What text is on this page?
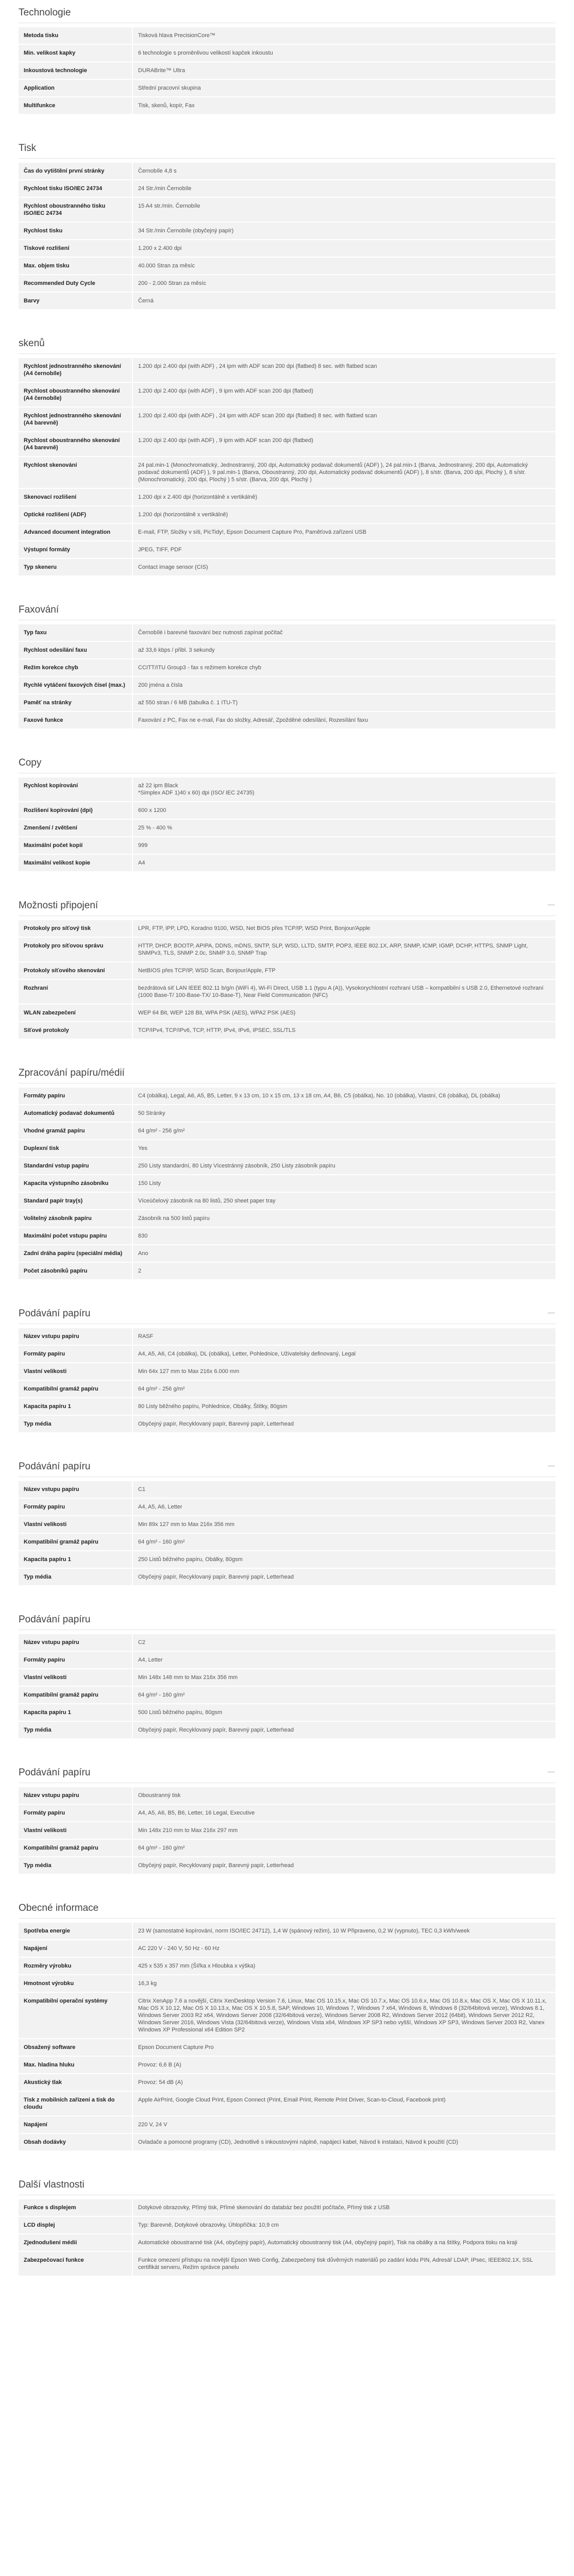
Technologie
Metoda tisku	Tisková hlava PrecisionCore™
Min. velikost kapky	6 technologie s proměnlivou velikostí kapček inkoustu
Inkoustová technologie	DURABrite™ Ultra
Application	Střední pracovní skupina
Multifunkce	Tisk, skenů, kopír, Fax
Tisk
Čas do vytištění první stránky	Černobíle 4,8 s
Rychlost tisku ISO/IEC 24734	24 Str./min Černobíle
Rychlost oboustranného tisku ISO/IEC 24734	15 A4 str./min. Černobíle
Rychlost tisku	34 Str./min Černobíle (obyčejný papír)
Tiskové rozlišení	1.200 x 2.400 dpi
Max. objem tisku	40.000 Stran za měsíc
Recommended Duty Cycle	200 - 2.000 Stran za měsíc
Barvy	Černá
skenů
Rychlost jednostranného skenování (A4 černobíle)	1.200 dpi 2.400 dpi (with ADF) , 24 ipm with ADF scan 200 dpi (flatbed) 8 sec. with flatbed scan
Rychlost oboustranného skenování (A4 černobíle)	1.200 dpi 2.400 dpi (with ADF) , 9 ipm with ADF scan 200 dpi (flatbed)
Rychlost jednostranného skenování (A4 barevně)	1.200 dpi 2.400 dpi (with ADF) , 24 ipm with ADF scan 200 dpi (flatbed) 8 sec. with flatbed scan
Rychlost oboustranného skenování (A4 barevně)	1.200 dpi 2.400 dpi (with ADF) , 9 ipm with ADF scan 200 dpi (flatbed)
Rychlost skenování	24 pal.min-1 (Monochromatický, Jednostranný, 200 dpi, Automatický podavač dokumentů (ADF) ), 24 pal.min-1 (Barva, Jednostranný, 200 dpi, Automatický podavač dokumentů (ADF) ), 9 pal.min-1 (Barva, Oboustranný, 200 dpi, Automatický podavač dokumentů (ADF) ), 8 s/str. (Barva, 200 dpi, Plochý ), 8 s/str. (Monochromatický, 200 dpi, Plochý ) 5 s/str. (Barva, 200 dpi, Plochý )
Skenovací rozlišení	1.200 dpi x 2.400 dpi (horizontálně x vertikálně)
Optické rozlišení (ADF)	1.200 dpi (horizontálně x vertikálně)
Advanced document integration	E-mail, FTP, Složky v síti, PicTidy!, Epson Document Capture Pro, Paměťová zařízení USB
Výstupní formáty	JPEG, TIFF, PDF
Typ skeneru	Contact image sensor (CIS)
Faxování
Typ faxu	Černobílé i barevné faxování bez nutnosti zapínat počítač
Rychlost odesílání faxu	až 33,6 kbps / přibl. 3 sekundy
Režim korekce chyb	CCITT/ITU Group3 - fax s režimem korekce chyb
Rychlé vytáčení faxových čísel (max.)	200 jména a čísla
Paměť na stránky	až 550 stran / 6 MB (tabulka č. 1 ITU-T)
Faxové funkce	Faxování z PC, Fax ne e-mail, Fax do složky, Adresář, Zpožděné odesílání, Rozesílání faxu
Copy
Rychlost kopírování	až 22 ipm Black
*Simplex ADF 1)40 x 60) dpi (ISO/ IEC 24735)
Rozlišení kopírování (dpi)	600 x 1200
Zmenšení / zvětšení	25 % - 400 %
Maximální počet kopií	999
Maximální velikost kopie	A4
Možnosti připojení	—
Protokoly pro síťový tisk	LPR, FTP, IPP, LPD, Koradno 9100, WSD, Net BIOS přes TCP/IP, WSD Print, Bonjour/Apple
Protokoly pro síťovou správu	HTTP, DHCP, BOOTP, APIPA, DDNS, mDNS, SNTP, SLP, WSD, LLTD, SMTP, POP3, IEEE 802.1X, ARP, SNMP, ICMP, IGMP, DCHP, HTTPS, SNMP Light, SNMPv3, TLS, SNMP 2.0c, SNMP 3.0, SNMP Trap
Protokoly síťového skenování	NetBIOS přes TCP/IP, WSD Scan, Bonjour/Apple, FTP
Rozhraní	bezdrátová síť LAN IEEE 802.11 b/g/n (WiFi 4), Wi-Fi Direct, USB 1.1 (typu A (A)), Vysokorychlostní rozhraní USB – kompatibilní s USB 2.0, Ethernetové rozhraní (1000 Base-T/ 100-Base-TX/ 10-Base-T), Near Field Communication (NFC)
WLAN zabezpečení	WEP 64 Bit, WEP 128 Bit, WPA PSK (AES), WPA2 PSK (AES)
Síťové protokoly	TCP/IPv4, TCP/IPv6, TCP, HTTP, IPv4, IPv6, IPSEC, SSL/TLS
Zpracování papíru/médií
Formáty papíru	C4 (obálka), Legal, A6, A5, B5, Letter, 9 x 13 cm, 10 x 15 cm, 13 x 18 cm, A4, B6, C5 (obálka), No. 10 (obálka), Vlastní, C6 (obálka), DL (obálka)
Automatický podavač dokumentů	50 Stránky
Vhodné gramáž papíru	64 g/m² - 256 g/m²
Duplexní tisk	Yes
Standardní vstup papíru	250 Listy standardní, 80 Listy Vícestránný zásobník, 250 Listy zásobník papíru
Kapacita výstupního zásobníku	150 Listy
Standard papír tray(s)	Víceúčelový zásobník na 80 listů, 250 sheet paper tray
Volitelný zásobník papíru	Zásobník na 500 listů papíru
Maximální počet vstupu papíru	830
Zadní dráha papíru (speciální média)	Ano
Počet zásobníků papíru	2
Podávání papíru	—
Název vstupu papíru	RASF
Formáty papíru	A4, A5, A6, C4 (obálka), DL (obálka), Letter, Pohlednice, Uživatelsky definovaný, Legal
Vlastní velikosti	Min 64x 127 mm to Max 216x 6.000 mm
Kompatibilní gramáž papíru	64 g/m² - 256 g/m²
Kapacita papíru 1	80 Listy běžného papíru, Pohlednice, Obálky, Štítky, 80gsm
Typ média	Obyčejný papír, Recyklovaný papír, Barevný papír, Letterhead
Podávání papíru	—
Název vstupu papíru	C1
Formáty papíru	A4, A5, A6, Letter
Vlastní velikosti	Min 89x 127 mm to Max 216x 356 mm
Kompatibilní gramáž papíru	64 g/m² - 160 g/m²
Kapacita papíru 1	250 Listů běžného papíru, Obálky, 80gsm
Typ média	Obyčejný papír, Recyklovaný papír, Barevný papír, Letterhead
Podávání papíru
Název vstupu papíru	C2
Formáty papíru	A4, Letter
Vlastní velikosti	Min 148x 148 mm to Max 216x 356 mm
Kompatibilní gramáž papíru	64 g/m² - 160 g/m²
Kapacita papíru 1	500 Listů běžného papíru, 80gsm
Typ média	Obyčejný papír, Recyklovaný papír, Barevný papír, Letterhead
Podávání papíru	—
Název vstupu papíru	Oboustranný tisk
Formáty papíru	A4, A5, A6, B5, B6, Letter, 16 Legal, Executive
Vlastní velikosti	Min 148x 210 mm to Max 216x 297 mm
Kompatibilní gramáž papíru	64 g/m² - 160 g/m²
Typ média	Obyčejný papír, Recyklovaný papír, Barevný papír, Letterhead
Obecné informace
Spotřeba energie	23 W (samostatné kopírování, norm ISO/IEC 24712), 1,4 W (spánový režim), 10 W Připraveno, 0,2 W (vypnuto), TEC 0,3 kWh/week
Napájení	AC 220 V - 240 V, 50 Hz - 60 Hz
Rozměry výrobku	425 x 535 x 357 mm (Šířka x Hloubka x výška)
Hmotnost výrobku	16,3 kg
Kompatibilní operační systémy	Citrix XenApp 7.6 a novější, Citrix XenDesktop Version 7.6, Linux, Mac OS 10.15.x, Mac OS 10.7.x, Mac OS 10.6.x, Mac OS 10.8.x, Mac OS X, Mac OS X 10.11.x, Mac OS X 10.12, Mac OS X 10.13.x, Mac OS X 10.5.8, SAP, Windows 10, Windows 7, Windows 7 x64, Windows 8, Windows 8 (32/64bitová verze), Windows 8.1, Windows Server 2003 R2 x64, Windows Server 2008 (32/64bitová verze), Windows Server 2008 R2, Windows Server 2012 (64bit), Windows Server 2012 R2, Windows Server 2016, Windows Vista (32/64bitová verze), Windows Vista x64, Windows XP SP3 nebo vyšší, Windows XP SP3, Windows Server 2003 R2, Vanex Windows XP Professional x64 Edition SP2
Obsažený software	Epson Document Capture Pro
Max. hladina hluku	Provoz: 6,6 B (A)
Akustický tlak	Provoz: 54 dB (A)
Tisk z mobilních zařízení a tisk do cloudu	Apple AirPrint, Google Cloud Print, Epson Connect (Print, Email Print, Remote Print Driver, Scan-to-Cloud, Facebook print)
Napájení	220 V, 24 V
Obsah dodávky	Ovladače a pomocné programy (CD), Jednotlivě s inkoustovými náplně, napájecí kabel, Návod k instalaci, Návod k použití (CD)
Další vlastnosti
Funkce s displejem	Dotykové obrazovky, Přímý tisk, Přímé skenování do databáz bez použití počítače, Přímý tisk z USB
LCD displej	Typ: Barevně, Dotykové obrazovky, Úhlopříčka: 10,9 cm
Zjednodušení médii	Automatické oboustranné tisk (A4, obyčejný papír), Automatický oboustranný tisk (A4, obyčejný papír), Tisk na obálky a na štítky, Podpora tisku na kraji
Zabezpečovací funkce	Funkce omezení přístupu na novější Epson Web Config, Zabezpečený tisk důvěrných materiálů po zadání kódu PIN, Adresář LDAP, IPsec, IEEE802.1X, SSL certifikát serveru, Režim správce panelu
